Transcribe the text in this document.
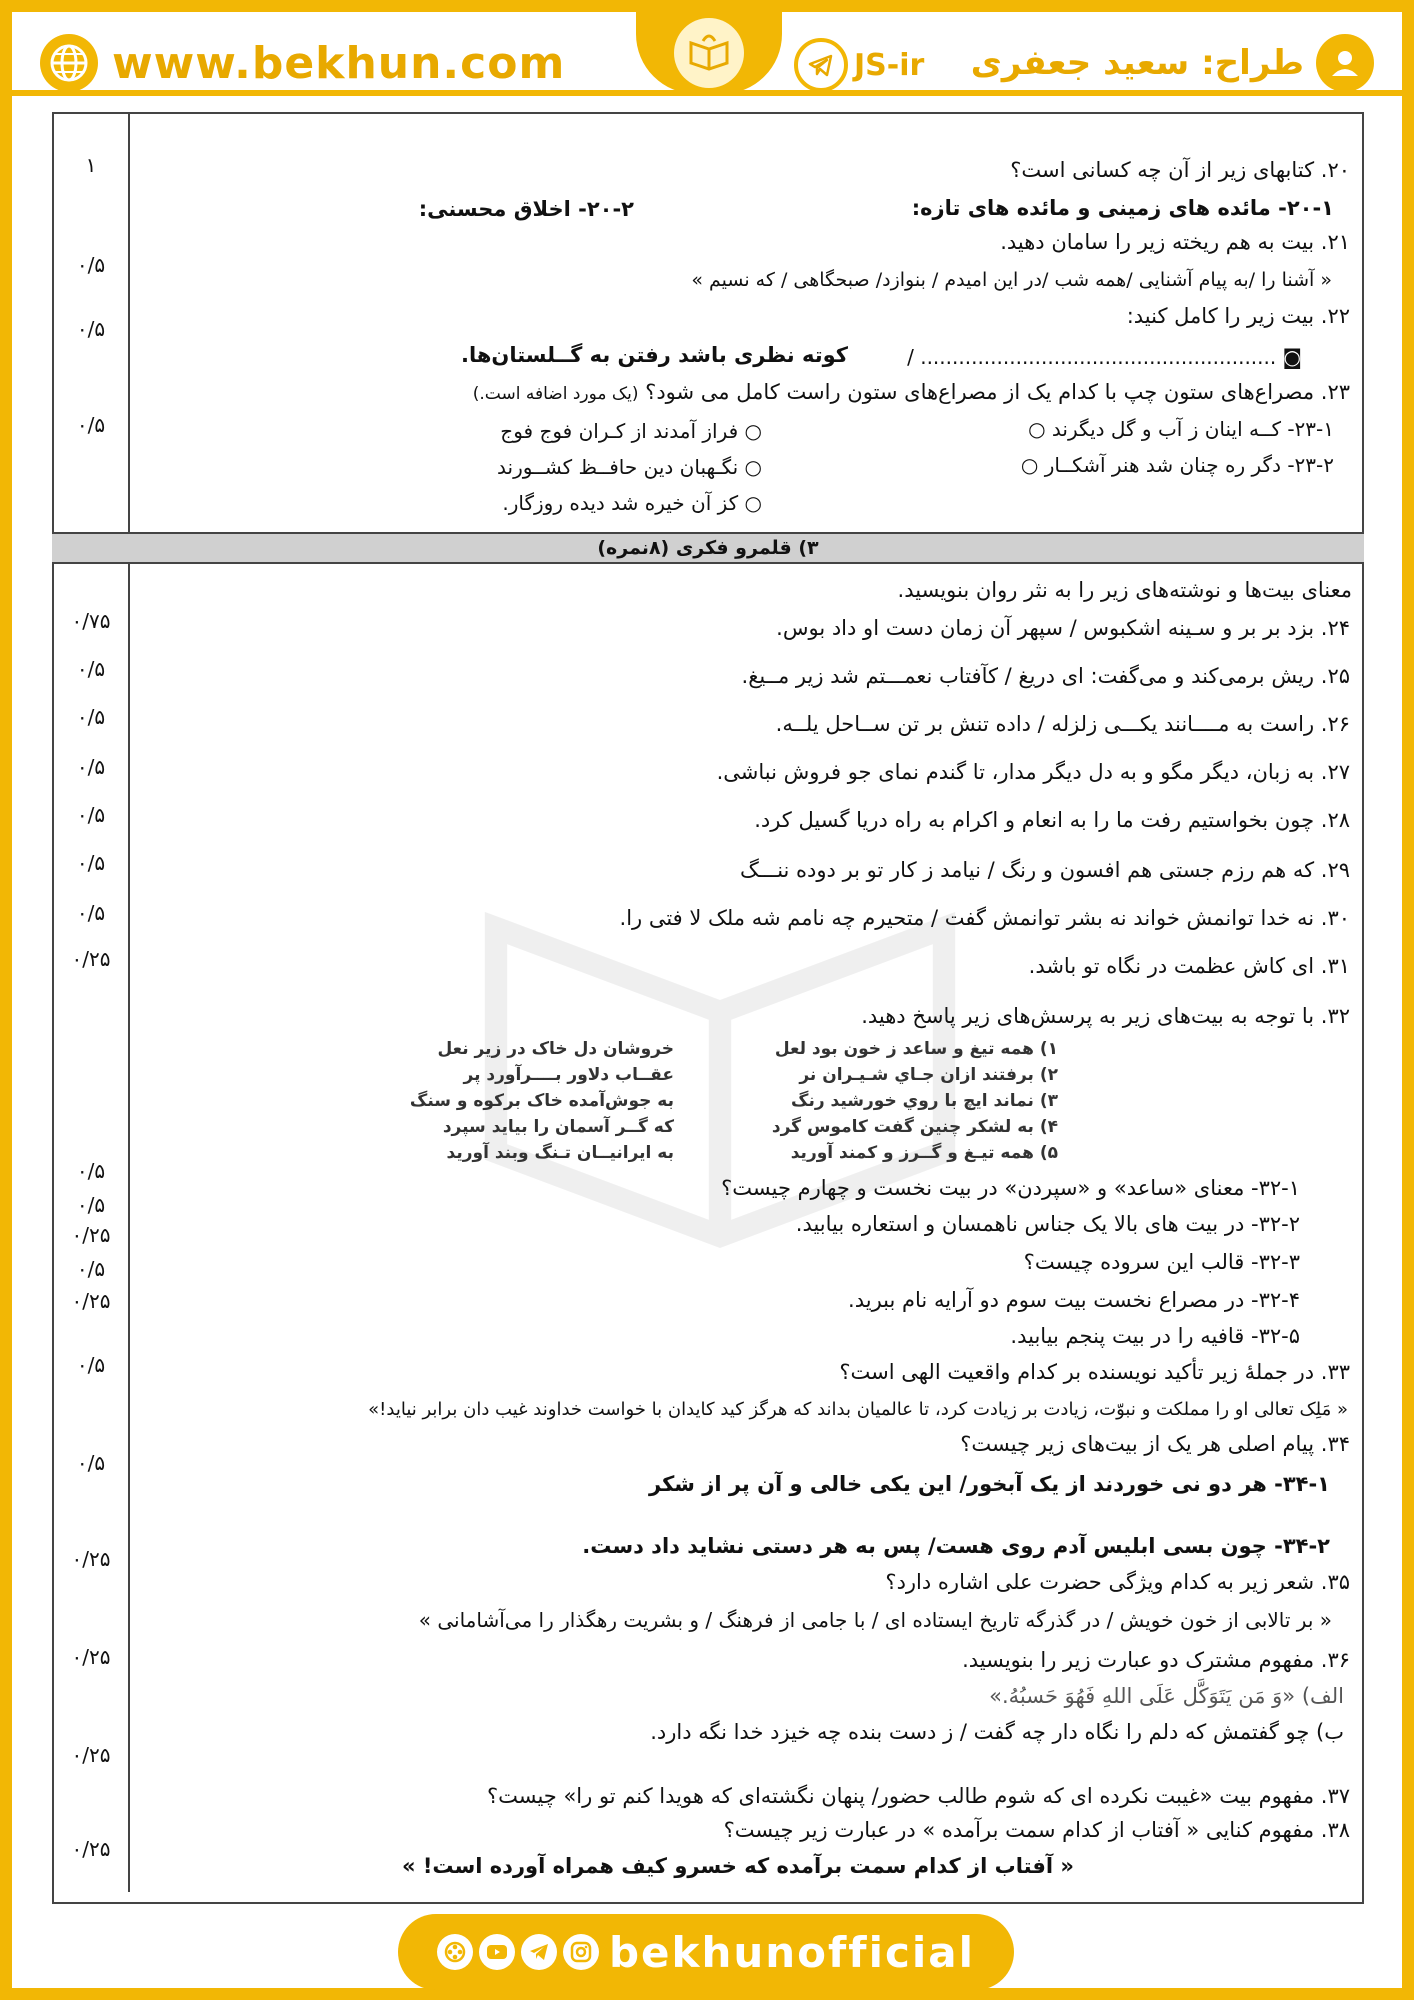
www.bekhun.com	JS-ir طراح: سعید جعفری
۳) قلمرو فکری (۸نمره)
۲۰. کتابهای زیر از آن چه کسانی است؟
۲۰-۱- مائده های زمینی و مائده های تازه:
۲۰-۲- اخلاق محسنی:
۱
۲۱. بیت به هم ریخته زیر را سامان دهید.
« آشنا را /به پیام آشنایی /همه شب /در این امیدم / بنوازد/ صبحگاهی / که نسیم »
۰/۵
۲۲. بیت زیر را کامل کنید:
◙ ........................................................ /
کوته نظری باشد رفتن به گــلستان‌ها.
۰/۵
۲۳. مصراع‌های ستون چپ با کدام یک از مصراع‌های ستون راست کامل می شود؟ (یک مورد اضافه است.)
۲۳-۱- کــه اینان ز آب و گل دیگرند ○
۲۳-۲- دگر ره چنان شد هنر آشکــار ○
○ فراز آمدند از کـران فوج فوج
○ نگـهبان دین حافــظ کشــورند
○ کز آن خیره شد دیده روزگار.
۰/۵
معنای بیت‌ها و نوشته‌های زیر را به نثر روان بنویسید.
۲۴. بزد بر بر و سـینه اشکبوس / سپهر آن زمان دست او داد بوس.
۰/۷۵
۲۵. ریش برمی‌کند و می‌گفت: ای دریغ / کآفتاب نعمـــتم شد زیر مــیغ.
۰/۵
۲۶. راست به مــــانند یکـــی زلزله / داده تنش بر تن ســاحل یلــه.
۰/۵
۲۷. به زبان، دیگر مگو و به دل دیگر مدار، تا گندم نمای جو فروش نباشی.
۰/۵
۲۸. چون بخواستیم رفت ما را به انعام و اکرام به راه دریا گسیل کرد.
۰/۵
۲۹. که هم رزم جستی هم افسون و رنگ / نیامد ز کار تو بر دوده ننـــگ
۰/۵
۳۰. نه خدا توانمش خواند نه بشر توانمش گفت / متحیرم چه نامم شه ملک لا فتی را.
۰/۵
۳۱. ای کاش عظمت در نگاه تو باشد.
۰/۲۵
۳۲. با توجه به بیت‌های زیر به پرسش‌های زیر پاسخ دهید.
۱) همه تیغ و ساعد ز خون بود لعل
۲) برفتند ازان جـاي شـیـران نر
۳) نماند ایچ با روي خورشید رنگ
۴) به لشکر چنین گفت کاموس گرد
۵) همه تیـغ و گــرز و کمند آورید
خروشان دل خاک در زیر نعل
عقــاب دلاور بــــرآورد پر
به جوش‌آمده خاک برکوه و سنگ
که گــر آسمان را بیاید سپرد
به ایرانیــان تـنگ وبند آورید
۳۲-۱- معنای «ساعد» و «سپردن» در بیت نخست و چهارم چیست؟
۰/۵
۳۲-۲- در بیت های بالا یک جناس ناهمسان و استعاره بیابید.
۰/۵
۳۲-۳- قالب این سروده چیست؟
۰/۲۵
۳۲-۴- در مصراع نخست بیت سوم دو آرایه نام ببرید.
۰/۵
۳۲-۵- قافیه را در بیت پنجم بیابید.
۰/۲۵
۳۳. در جملهٔ زیر تأکید نویسنده بر کدام واقعیت الهی است؟
« مَلِک تعالی او را مملکت و نبوّت، زیادت بر زیادت کرد، تا عالمیان بداند که هرگز کید کایدان با خواست خداوند غیب دان برابر نیاید!»
۰/۵
۳۴. پیام اصلی هر یک از بیت‌های زیر چیست؟
۳۴-۱- هر دو نی خوردند از یک آبخور/ این یکی خالی و آن پر از شکر
۳۴-۲- چون بسی ابلیس آدم روی هست/ پس به هر دستی نشاید داد دست.
۰/۵
۰/۲۵
۳۵. شعر زیر به کدام ویژگی حضرت علی اشاره دارد؟
« بر تالابی از خون خویش / در گذرگه تاریخ ایستاده ای / با جامی از فرهنگ / و بشریت رهگذار را می‌آشامانی »
۰/۲۵	۳۶. مفهوم مشترک دو عبارت زیر را بنویسید.
الف) «وَ مَن یَتَوَکَّل عَلَی اللهِ فَهُوَ حَسبُهُ.»
ب) چو گفتمش که دلم را نگاه دار چه گفت / ز دست بنده چه خیزد خدا نگه دارد.
۰/۲۵
۳۷. مفهوم بیت «غیبت نکرده ای که شوم طالب حضور/ پنهان نگشته‌ای که هویدا کنم تو را» چیست؟
۰/۲۵
۳۸. مفهوم کنایی « آفتاب از کدام سمت برآمده » در عبارت زیر چیست؟
« آفتاب از کدام سمت برآمده که خسرو کیف همراه آورده است! »
bekhunofficial
